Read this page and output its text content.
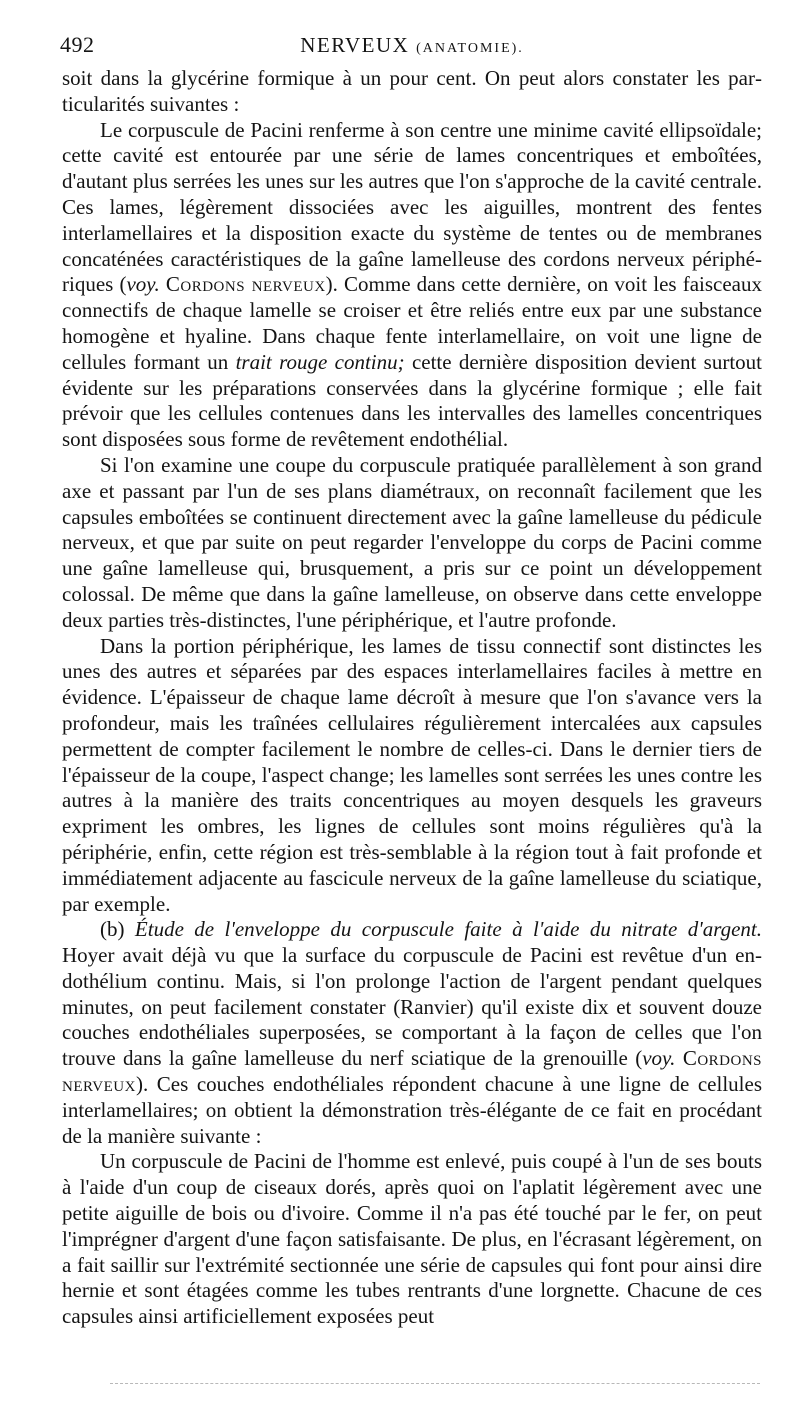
492	NERVEUX (ANATOMIE).

soit dans la glycérine formique à un pour cent. On peut alors constater les particularités suivantes :

Le corpuscule de Pacini renferme à son centre une minime cavité ellipsoïdale; cette cavité est entourée par une série de lames concentriques et emboîtées, d'autant plus serrées les unes sur les autres que l'on s'approche de la cavité centrale. Ces lames, légèrement dissociées avec les aiguilles, montrent des fentes interlamellaires et la disposition exacte du système de tentes ou de membranes concaténées caractéristiques de la gaîne lamelleuse des cordons nerveux périphériques (voy. Cordons nerveux). Comme dans cette dernière, on voit les faisceaux connectifs de chaque lamelle se croiser et être reliés entre eux par une substance homogène et hyaline. Dans chaque fente interlamellaire, on voit une ligne de cellules formant un trait rouge continu; cette dernière disposition devient surtout évidente sur les préparations conservées dans la glycérine formique ; elle fait prévoir que les cellules contenues dans les intervalles des lamelles concentriques sont disposées sous forme de revêtement endothélial.

Si l'on examine une coupe du corpuscule pratiquée parallèlement à son grand axe et passant par l'un de ses plans diamétraux, on reconnaît facilement que les capsules emboîtées se continuent directement avec la gaîne lamelleuse du pédicule nerveux, et que par suite on peut regarder l'enveloppe du corps de Pacini comme une gaîne lamelleuse qui, brusquement, a pris sur ce point un développement colossal. De même que dans la gaîne lamelleuse, on observe dans cette enveloppe deux parties très-distinctes, l'une périphérique, et l'autre profonde.

Dans la portion périphérique, les lames de tissu connectif sont distinctes les unes des autres et séparées par des espaces interlamellaires faciles à mettre en évidence. L'épaisseur de chaque lame décroît à mesure que l'on s'avance vers la profondeur, mais les traînées cellulaires régulièrement intercalées aux capsules permettent de compter facilement le nombre de celles-ci. Dans le dernier tiers de l'épaisseur de la coupe, l'aspect change; les lamelles sont serrées les unes contre les autres à la manière des traits concentriques au moyen desquels les graveurs expriment les ombres, les lignes de cellules sont moins régulières qu'à la périphérie, enfin, cette région est très-semblable à la région tout à fait profonde et immédiatement adjacente au fascicule nerveux de la gaîne lamelleuse du sciatique, par exemple.

(b) Étude de l'enveloppe du corpuscule faite à l'aide du nitrate d'argent. Hoyer avait déjà vu que la surface du corpuscule de Pacini est revêtue d'un endothélium continu. Mais, si l'on prolonge l'action de l'argent pendant quelques minutes, on peut facilement constater (Ranvier) qu'il existe dix et souvent douze couches endothéliales superposées, se comportant à la façon de celles que l'on trouve dans la gaîne lamelleuse du nerf sciatique de la grenouille (voy. Cordons nerveux). Ces couches endothéliales répondent chacune à une ligne de cellules interlamellaires; on obtient la démonstration très-élégante de ce fait en procédant de la manière suivante :

Un corpuscule de Pacini de l'homme est enlevé, puis coupé à l'un de ses bouts à l'aide d'un coup de ciseaux dorés, après quoi on l'aplatit légèrement avec une petite aiguille de bois ou d'ivoire. Comme il n'a pas été touché par le fer, on peut l'imprégner d'argent d'une façon satisfaisante. De plus, en l'écrasant légèrement, on a fait saillir sur l'extrémité sectionnée une série de capsules qui font pour ainsi dire hernie et sont étagées comme les tubes rentrants d'une lorgnette. Chacune de ces capsules ainsi artificiellement exposées peut
